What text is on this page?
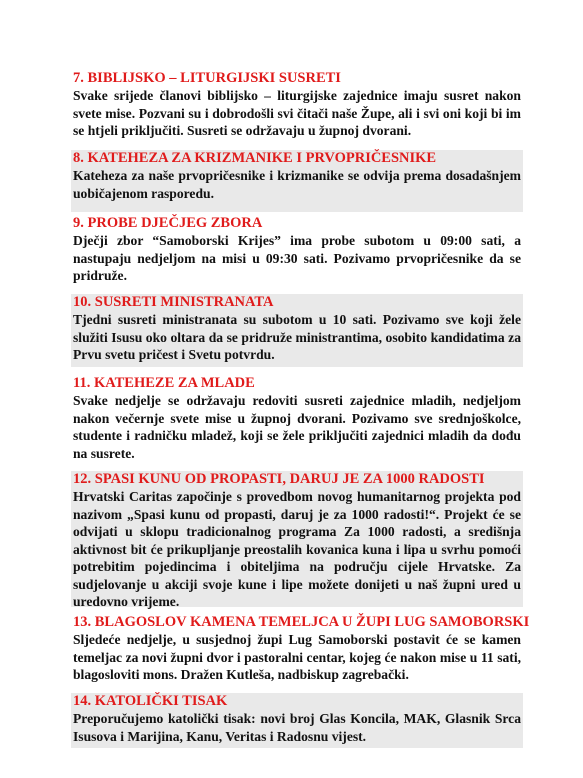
7. BIBLIJSKO – LITURGIJSKI SUSRETI

Svake srijede članovi biblijsko – liturgijske zajednice imaju susret nakon svete mise. Pozvani su i dobrodošli svi čitači naše Župe, ali i svi oni koji bi im se htjeli priključiti. Susreti se održavaju u župnoj dvorani.

8. KATEHEZA ZA KRIZMANIKE I PRVOPRIČESNIKE

Kateheza za naše prvopričesnike i krizmanike se odvija prema dosadašnjem uobičajenom rasporedu.

9. PROBE DJEČJEG ZBORA

Dječji zbor “Samoborski Krijes” ima probe subotom u 09:00 sati, a nastupaju nedjeljom na misi u 09:30 sati. Pozivamo prvopričesnike da se pridruže.

10. SUSRETI MINISTRANATA

Tjedni susreti ministranata su subotom u 10 sati. Pozivamo sve koji žele služiti Isusu oko oltara da se pridruže ministrantima, osobito kandidatima za Prvu svetu pričest i Svetu potvrdu.

11. KATEHEZE ZA MLADE

Svake nedjelje se održavaju redoviti susreti zajednice mladih, nedjeljom nakon večernje svete mise u župnoj dvorani. Pozivamo sve srednjoškolce, studente i radničku mladež, koji se žele priključiti zajednici mladih da dođu na susrete.

12. SPASI KUNU OD PROPASTI, DARUJ JE ZA 1000 RADOSTI

Hrvatski Caritas započinje s provedbom novog humanitarnog projekta pod nazivom „Spasi kunu od propasti, daruj je za 1000 radosti!“. Projekt će se odvijati u sklopu tradicionalnog programa Za 1000 radosti, a središnja aktivnost bit će prikupljanje preostalih kovanica kuna i lipa u svrhu pomoći potrebitim pojedincima i obiteljima na području cijele Hrvatske. Za sudjelovanje u akciji svoje kune i lipe možete donijeti u naš župni ured u uredovno vrijeme.

13. BLAGOSLOV KAMENA TEMELJCA U ŽUPI LUG SAMOBORSKI

Sljedeće nedjelje, u susjednoj župi Lug Samoborski postavit će se kamen temeljac za novi župni dvor i pastoralni centar, kojeg će nakon mise u 11 sati, blagosloviti mons. Dražen Kutleša, nadbiskup zagrebački.

14. KATOLIČKI TISAK

Preporučujemo katolički tisak: novi broj Glas Koncila, MAK, Glasnik Srca Isusova i Marijina, Kanu, Veritas i Radosnu vijest.
